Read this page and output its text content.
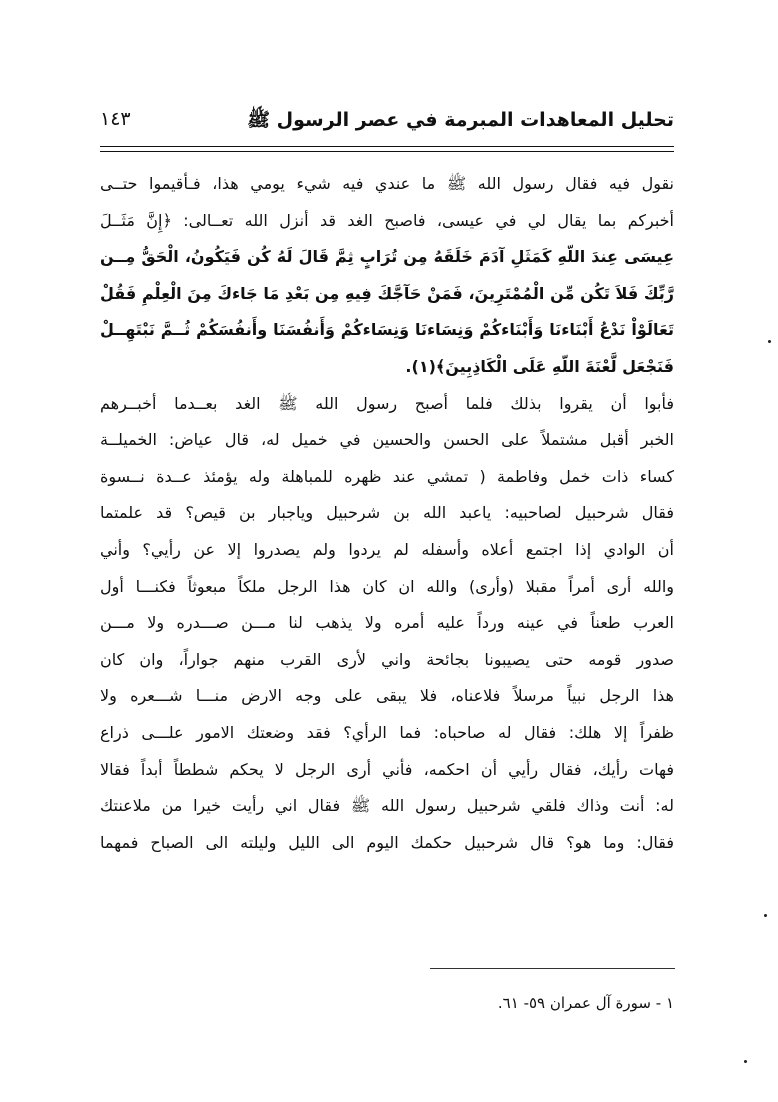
تحليل المعاهدات المبرمة في عصر الرسول ﷺ
١٤٣
نقول فيه فقال رسول الله ﷺ ما عندي فيه شيء يومي هذا، فـأقيموا حتــى
أخبركم بما يقال لي في عيسى، فاصبح الغد قد أنزل الله تعــالى: ﴿إِنَّ مَثَــلَ
عِيسَى عِندَ اللّهِ كَمَثَلِ آدَمَ خَلَقَهُ مِن تُرَابٍ ثِمَّ قَالَ لَهُ كُن فَيَكُونُ، الْحَقُّ مِــن
رَّبِّكَ فَلاَ تَكُن مِّن الْمُمْتَرِينَ، فَمَنْ حَآجَّكَ فِيهِ مِن بَعْدِ مَا جَاءكَ مِنَ الْعِلْمِ فَقُلْ
تَعَالَوْاْ نَدْعُ أَبْنَاءنَا وَأَبْنَاءكُمْ وَنِسَاءنَا وَنِسَاءكُمْ وَأَنفُسَنَا وأَنفُسَكُمْ ثُــمَّ نَبْتَهِــلْ
فَنَجْعَل لَّعْنَةَ اللّهِ عَلَى الْكَاذِبِينَ﴾(١).
فأبوا أن يقروا بذلك فلما أصبح رسول الله ﷺ الغد بعــدما أخبــرهم
الخبر أقبل مشتملاً على الحسن والحسين في خميل له، قال عياض: الخميلــة
كساء ذات خمل وفاطمة ( تمشي عند ظهره للمباهلة وله يؤمئذ عــدة نــسوة
فقال شرحبيل لصاحبيه: ياعبد الله بن شرحبيل وياجبار بن قيص؟ قد علمتما
أن الوادي إذا اجتمع أعلاه وأسفله لم يردوا ولم يصدروا إلا عن رأيي؟ وأني
والله أرى أمراً مقبلا (وأرى) والله ان كان هذا الرجل ملكاً مبعوثاً فكنـــا أول
العرب طعناً في عينه ورداً عليه أمره ولا يذهب لنا مـــن صـــدره ولا مـــن
صدور قومه حتى يصيبونا بجائحة واني لأرى القرب منهم جواراً، وان كان
هذا الرجل نبياً مرسلاً فلاعناه، فلا يبقى على وجه الارض منـــا شـــعره ولا
ظفراً إلا هلك: فقال له صاحباه: فما الرأي؟ فقد وضعتك الامور علـــى ذراع
فهات رأيك، فقال رأيي أن احكمه، فأني أرى الرجل لا يحكم شططاً أبداً فقالا
له: أنت وذاك فلقي شرحبيل رسول الله ﷺ فقال اني رأيت خيرا من ملاعنتك
فقال: وما هو؟ قال شرحبيل حكمك اليوم الى الليل وليلته الى الصباح فمهما
١ - سورة آل عمران ٥٩- ٦١.
